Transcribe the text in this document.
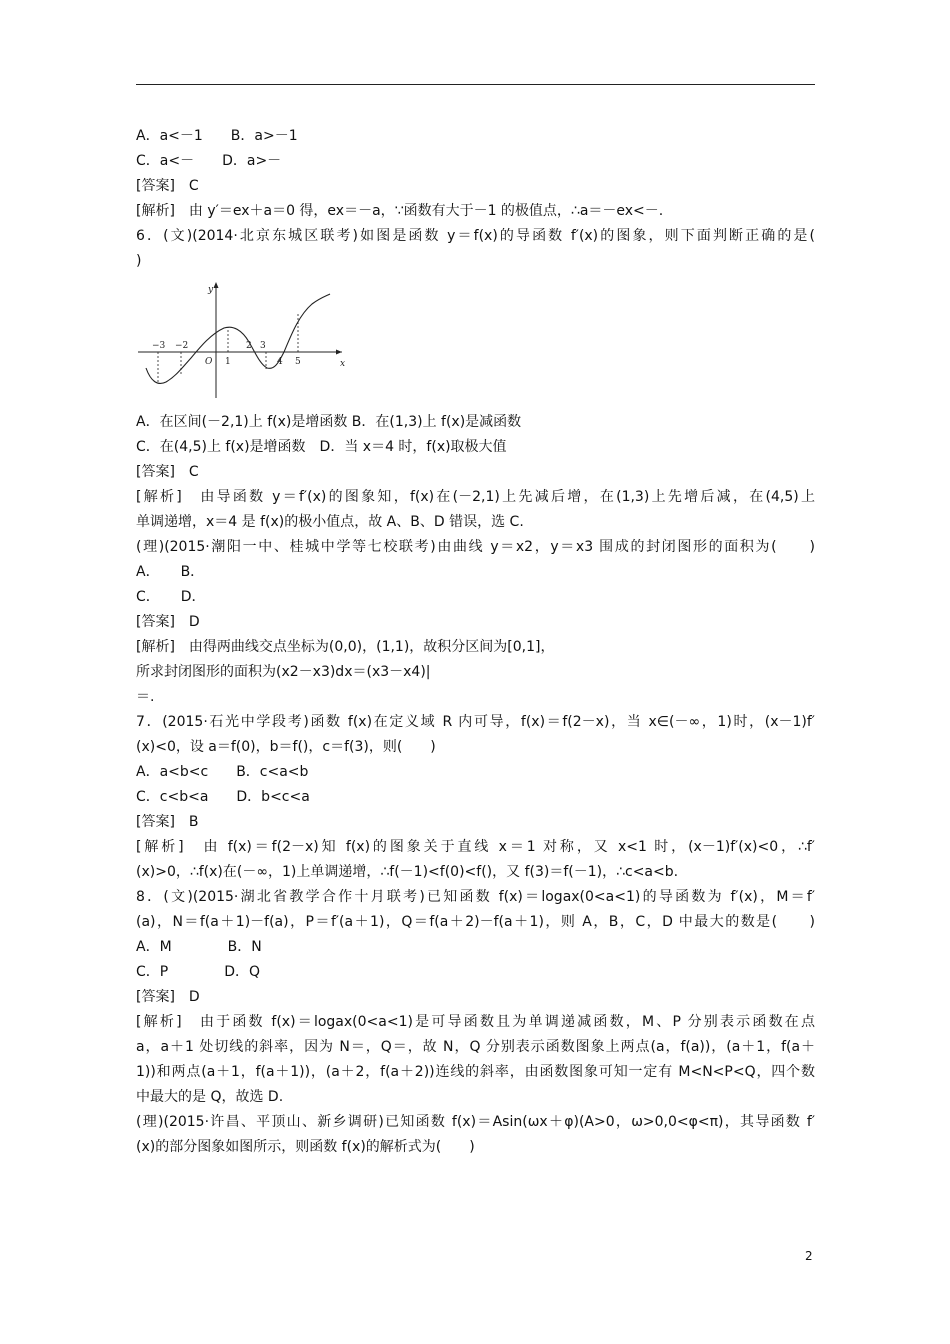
A．a<－1　　B．a>－1
C．a<－　　D．a>－
[答案]　C
[解析]　由 y′＝ex＋a＝0 得，ex＝－a，∵函数有大于－1 的极值点，∴a＝－ex<－.
6．(文)(2014·北京东城区联考)如图是函数 y＝f(x)的导函数 f′(x)的图象，则下面判断正确的是(
)
y
x
O
−3 −2
1
2 3
4 5
A．在区间(－2,1)上 f(x)是增函数 B．在(1,3)上 f(x)是减函数
C．在(4,5)上 f(x)是增函数　D．当 x＝4 时，f(x)取极大值
[答案]　C
[解析]　由导函数 y＝f′(x)的图象知，f(x)在(－2,1)上先减后增，在(1,3)上先增后减，在(4,5)上
单调递增，x＝4 是 f(x)的极小值点，故 A、B、D 错误，选 C.
(理)(2015·潮阳一中、桂城中学等七校联考)由曲线 y＝x2，y＝x3 围成的封闭图形的面积为(　　)
A．　　B．
C．　　D．
[答案]　D
[解析]　由得两曲线交点坐标为(0,0)，(1,1)，故积分区间为[0,1]，
所求封闭图形的面积为(x2－x3)dx＝(x3－x4)|
＝.
7．(2015·石光中学段考)函数 f(x)在定义域 R 内可导，f(x)＝f(2－x)，当 x∈(－∞，1)时，(x－1)f′
(x)<0，设 a＝f(0)，b＝f()，c＝f(3)，则(　　)
A．a<b<c　　B．c<a<b
C．c<b<a　　D．b<c<a
[答案]　B
[解析]　由 f(x)＝f(2－x)知 f(x)的图象关于直线 x＝1 对称，又 x<1 时，(x－1)f′(x)<0，∴f′
(x)>0，∴f(x)在(－∞，1)上单调递增，∴f(－1)<f(0)<f()，又 f(3)＝f(－1)，∴c<a<b.
8．(文)(2015·湖北省教学合作十月联考)已知函数 f(x)＝logax(0<a<1)的导函数为 f′(x)，M＝f′
(a)，N＝f(a＋1)－f(a)，P＝f′(a＋1)，Q＝f(a＋2)－f(a＋1)，则 A，B，C，D 中最大的数是(　　)
A．M　　　　B．N
C．P　　　　D．Q
[答案]　D
[解析]　由于函数 f(x)＝logax(0<a<1)是可导函数且为单调递减函数，M、P 分别表示函数在点
a，a＋1 处切线的斜率，因为 N＝，Q＝，故 N，Q 分别表示函数图象上两点(a，f(a))，(a＋1，f(a＋
1))和两点(a＋1，f(a＋1))，(a＋2，f(a＋2))连线的斜率，由函数图象可知一定有 M<N<P<Q，四个数
中最大的是 Q，故选 D.
(理)(2015·许昌、平顶山、新乡调研)已知函数 f(x)＝Asin(ωx＋φ)(A>0，ω>0,0<φ<π)，其导函数 f′
(x)的部分图象如图所示，则函数 f(x)的解析式为(　　)
2
